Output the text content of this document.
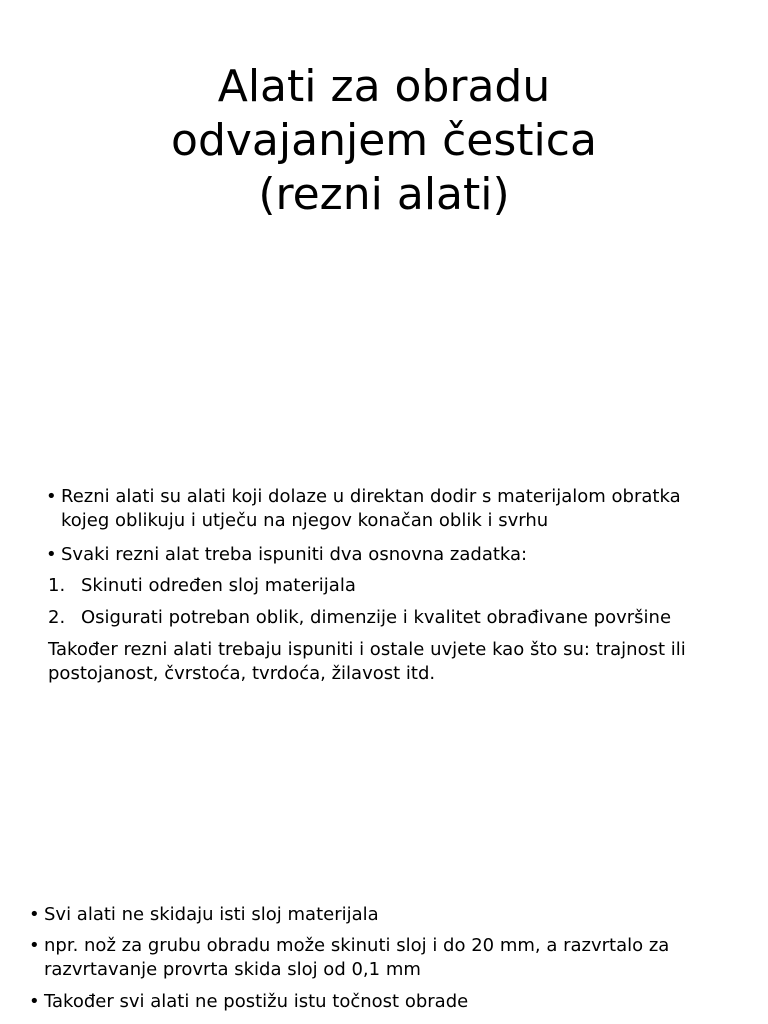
Alati za obradu
odvajanjem čestica
(rezni alati)

• Rezni alati su alati koji dolaze u direktan dodir s materijalom obratka kojeg oblikuju i utječu na njegov konačan oblik i svrhu

• Svaki rezni alat treba ispuniti dva osnovna zadatka:

1. Skinuti određen sloj materijala

2. Osigurati potreban oblik, dimenzije i kvalitet obrađivane površine

Također rezni alati trebaju ispuniti i ostale uvjete kao što su: trajnost ili postojanost, čvrstoća, tvrdoća, žilavost itd.

• Svi alati ne skidaju isti sloj materijala

• npr. nož za grubu obradu može skinuti sloj i do 20 mm, a razvrtalo za razvrtavanje provrta skida sloj od 0,1 mm

• Također svi alati ne postižu istu točnost obrade
